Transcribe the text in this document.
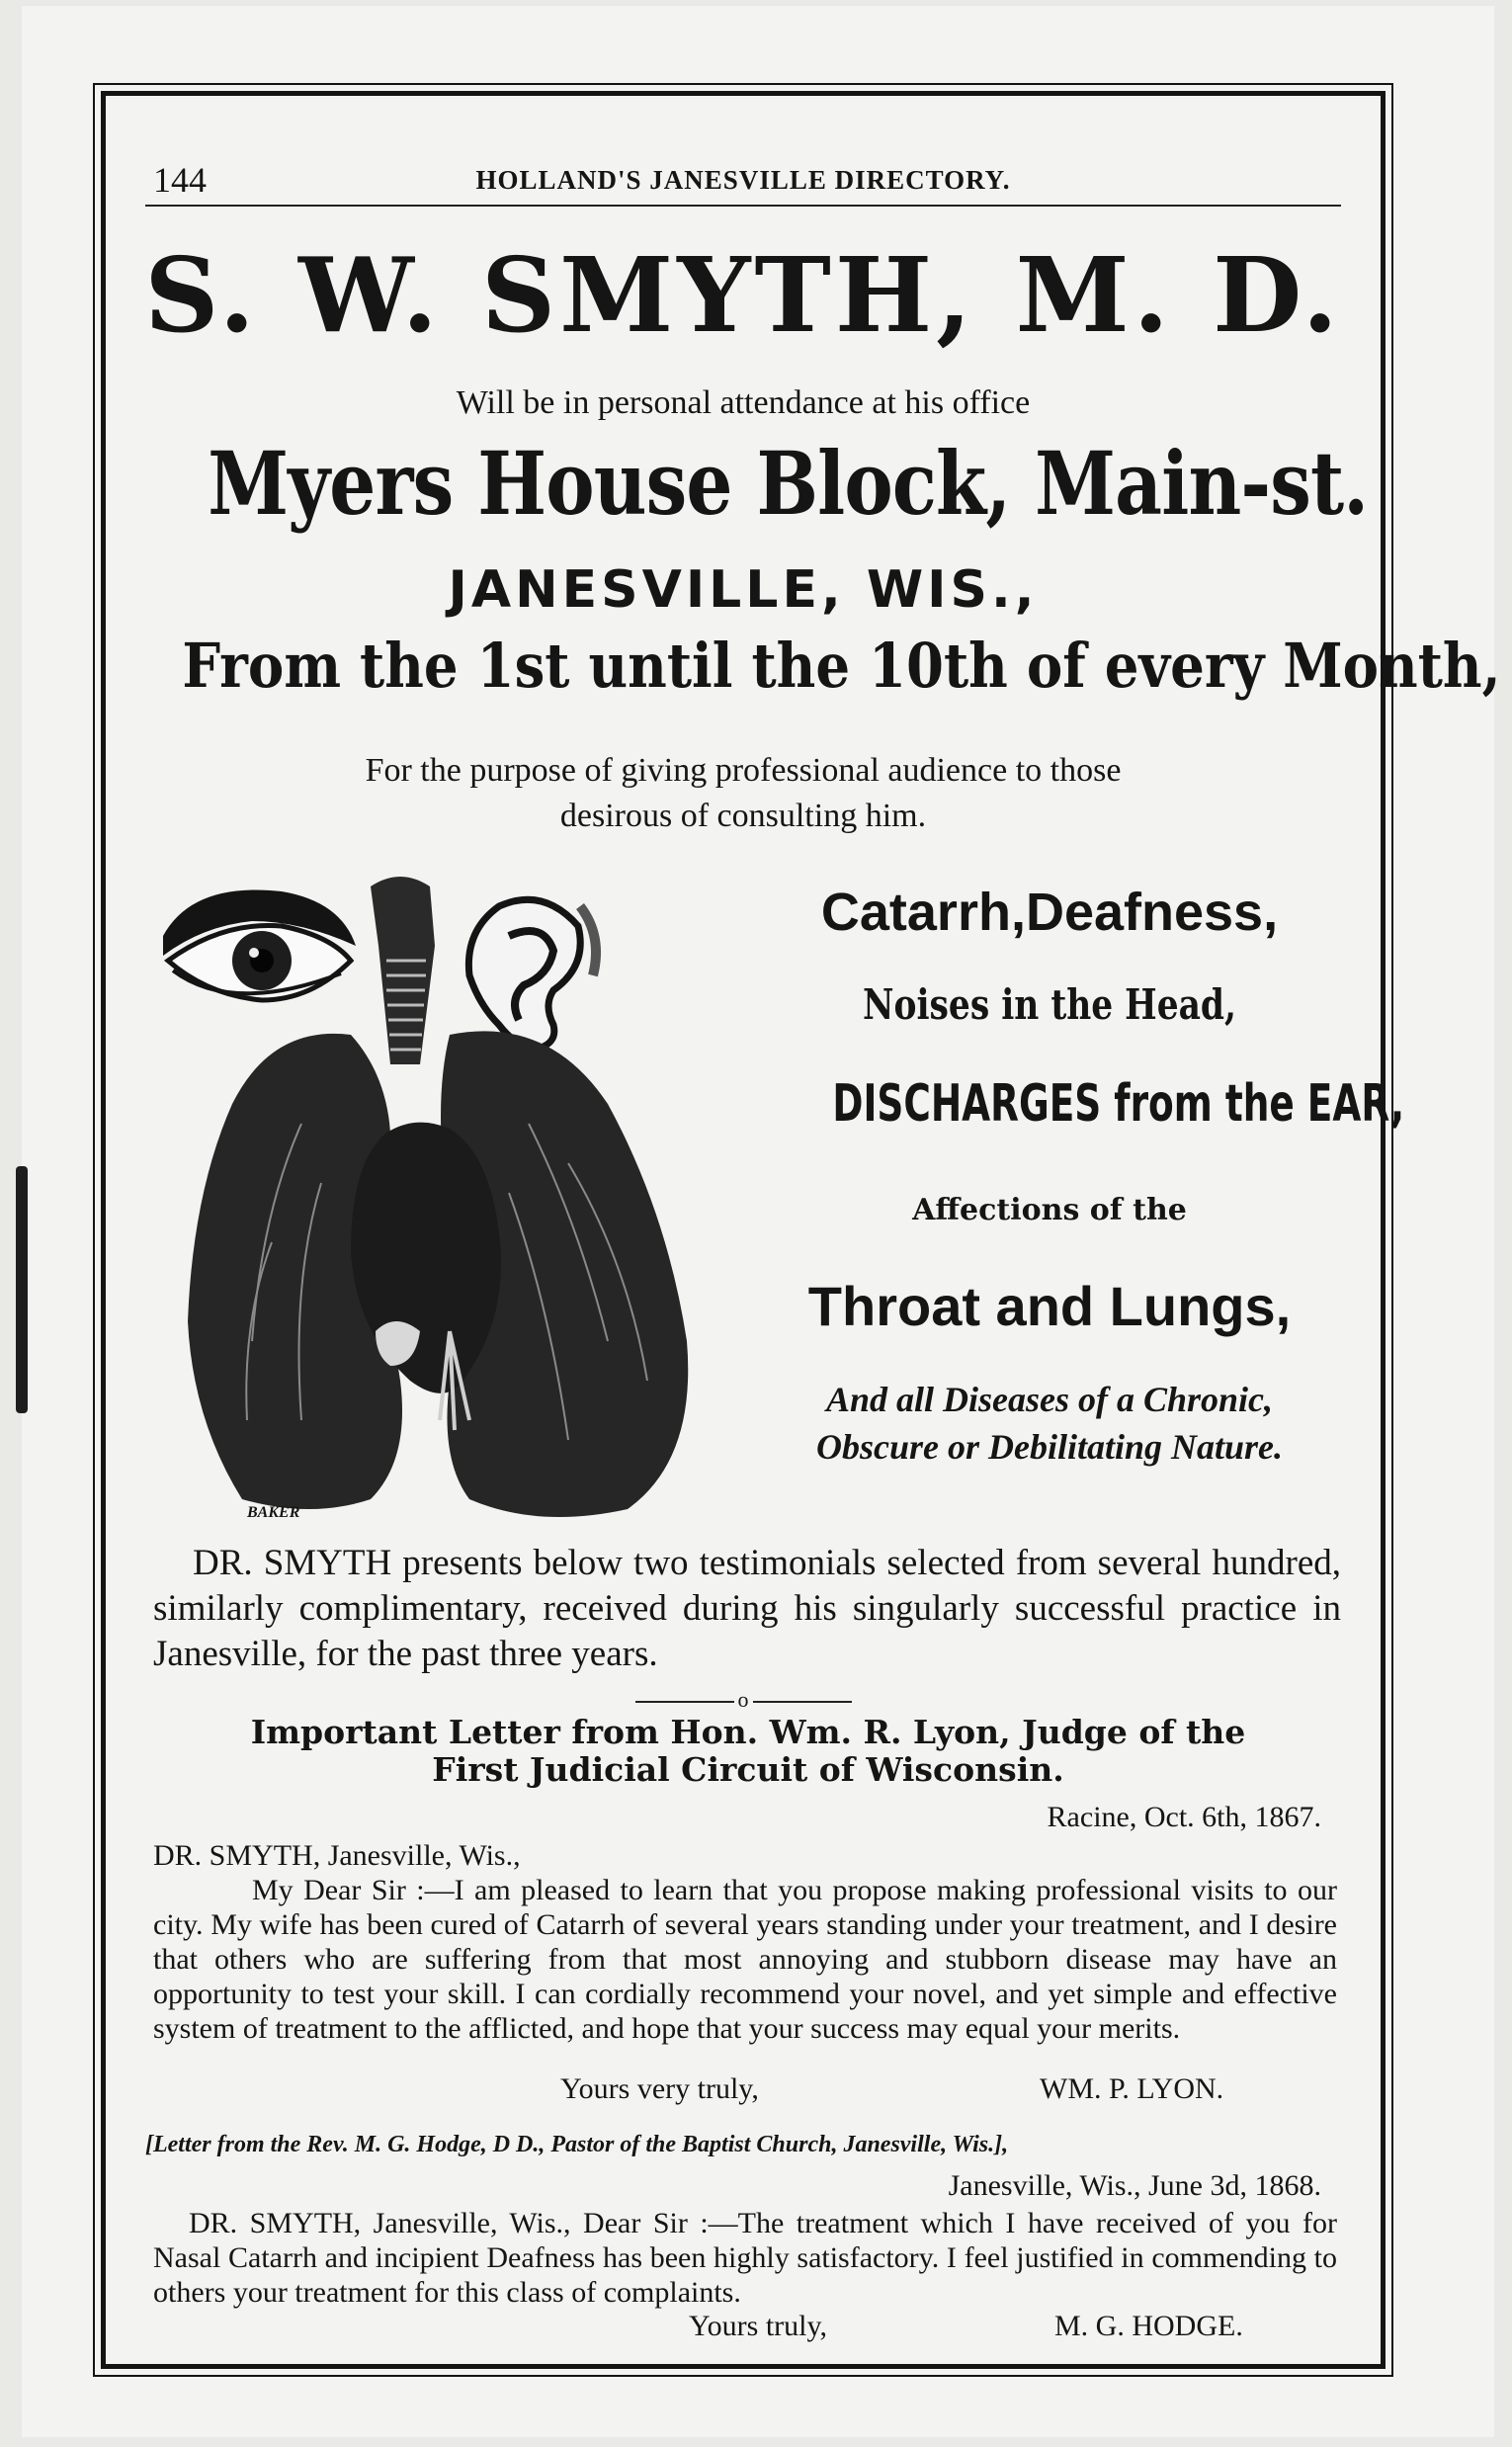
144	HOLLAND'S JANESVILLE DIRECTORY.
S. W. SMYTH, M. D.
Will be in personal attendance at his office
Myers House Block, Main-st.
JANESVILLE, WIS.,
From the 1st until the 10th of every Month,
For the purpose of giving professional audience to those
desirous of consulting him.
BAKER
Catarrh,Deafness,
Noises in the Head,
DISCHARGES from the EAR,
Affections of the
Throat and Lungs,
And all Diseases of a Chronic,
Obscure or Debilitating Nature.
DR. SMYTH presents below two testimonials selected from several hundred, similarly complimentary, received during his singularly successful practice in Janesville, for the past three years.
o
Important Letter from Hon. Wm. R. Lyon, Judge of the
First Judicial Circuit of Wisconsin.
Racine, Oct. 6th, 1867.
DR. SMYTH, Janesville, Wis.,
My Dear Sir :—I am pleased to learn that you propose making professional visits to our city. My wife has been cured of Catarrh of several years standing under your treatment, and I desire that others who are suffering from that most annoying and stubborn disease may have an opportunity to test your skill. I can cordially recommend your novel, and yet simple and effective system of treatment to the afflicted, and hope that your success may equal your merits.
Yours very truly,	WM. P. LYON.
[Letter from the Rev. M. G. Hodge, D D., Pastor of the Baptist Church, Janesville, Wis.],
Janesville, Wis., June 3d, 1868.
DR. SMYTH, Janesville, Wis., Dear Sir :—The treatment which I have received of you for Nasal Catarrh and incipient Deafness has been highly satisfactory. I feel justified in commending to others your treatment for this class of complaints.
Yours truly,	M. G. HODGE.
